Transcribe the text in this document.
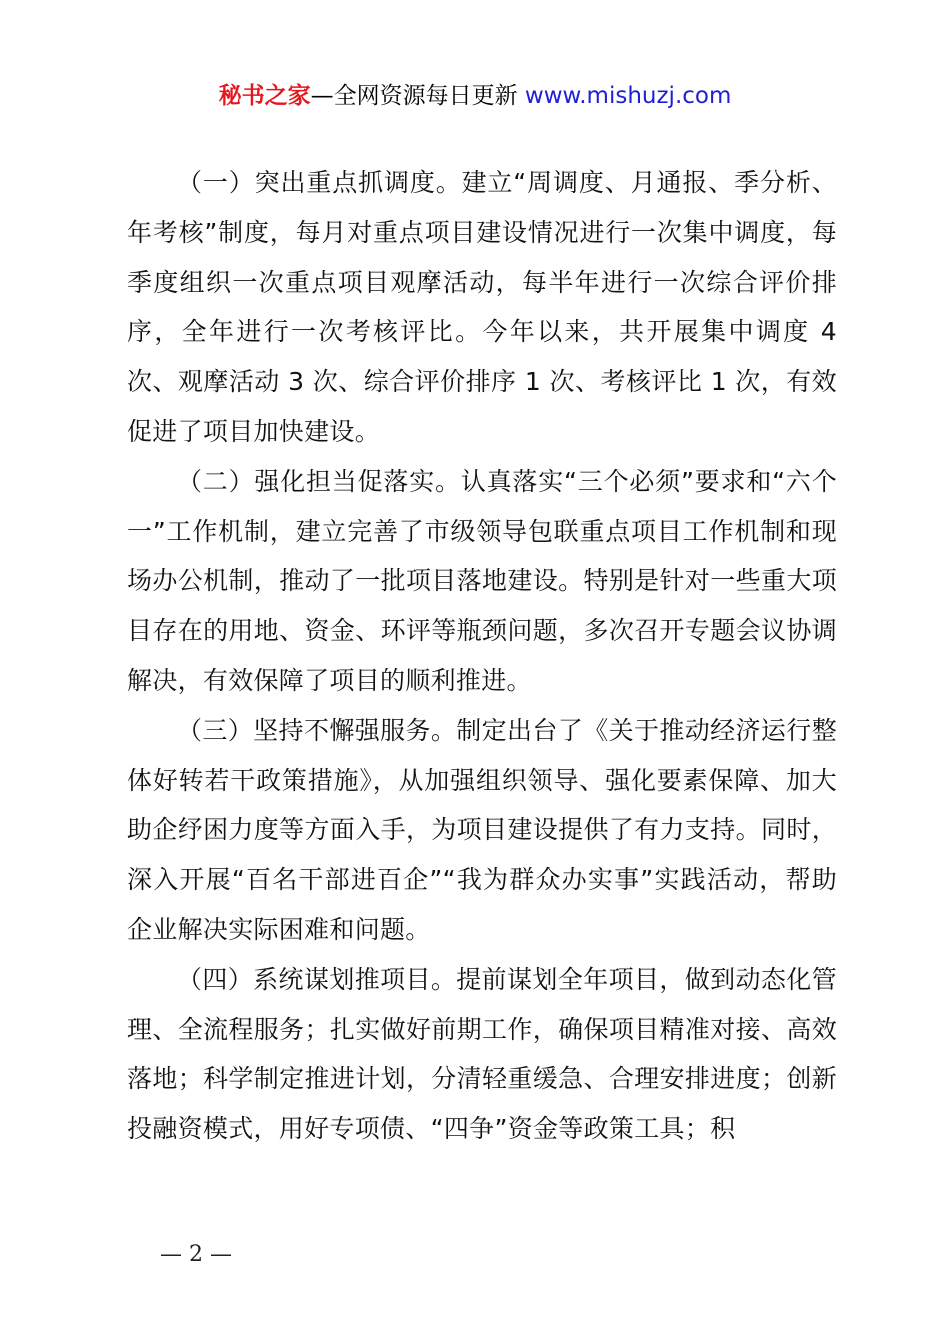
秘书之家—全网资源每日更新 www.mishuzj.com

（一）突出重点抓调度。建立“周调度、月通报、季分析、年考核”制度，每月对重点项目建设情况进行一次集中调度，每季度组织一次重点项目观摩活动，每半年进行一次综合评价排序，全年进行一次考核评比。今年以来，共开展集中调度 4 次、观摩活动 3 次、综合评价排序 1 次、考核评比 1 次，有效促进了项目加快建设。

（二）强化担当促落实。认真落实“三个必须”要求和“六个一”工作机制，建立完善了市级领导包联重点项目工作机制和现场办公机制，推动了一批项目落地建设。特别是针对一些重大项目存在的用地、资金、环评等瓶颈问题，多次召开专题会议协调解决，有效保障了项目的顺利推进。

（三）坚持不懈强服务。制定出台了《关于推动经济运行整体好转若干政策措施》，从加强组织领导、强化要素保障、加大助企纾困力度等方面入手，为项目建设提供了有力支持。同时，深入开展“百名干部进百企”“我为群众办实事”实践活动，帮助企业解决实际困难和问题。

（四）系统谋划推项目。提前谋划全年项目，做到动态化管理、全流程服务；扎实做好前期工作，确保项目精准对接、高效落地；科学制定推进计划，分清轻重缓急、合理安排进度；创新投融资模式，用好专项债、“四争”资金等政策工具；积

— 2 —
